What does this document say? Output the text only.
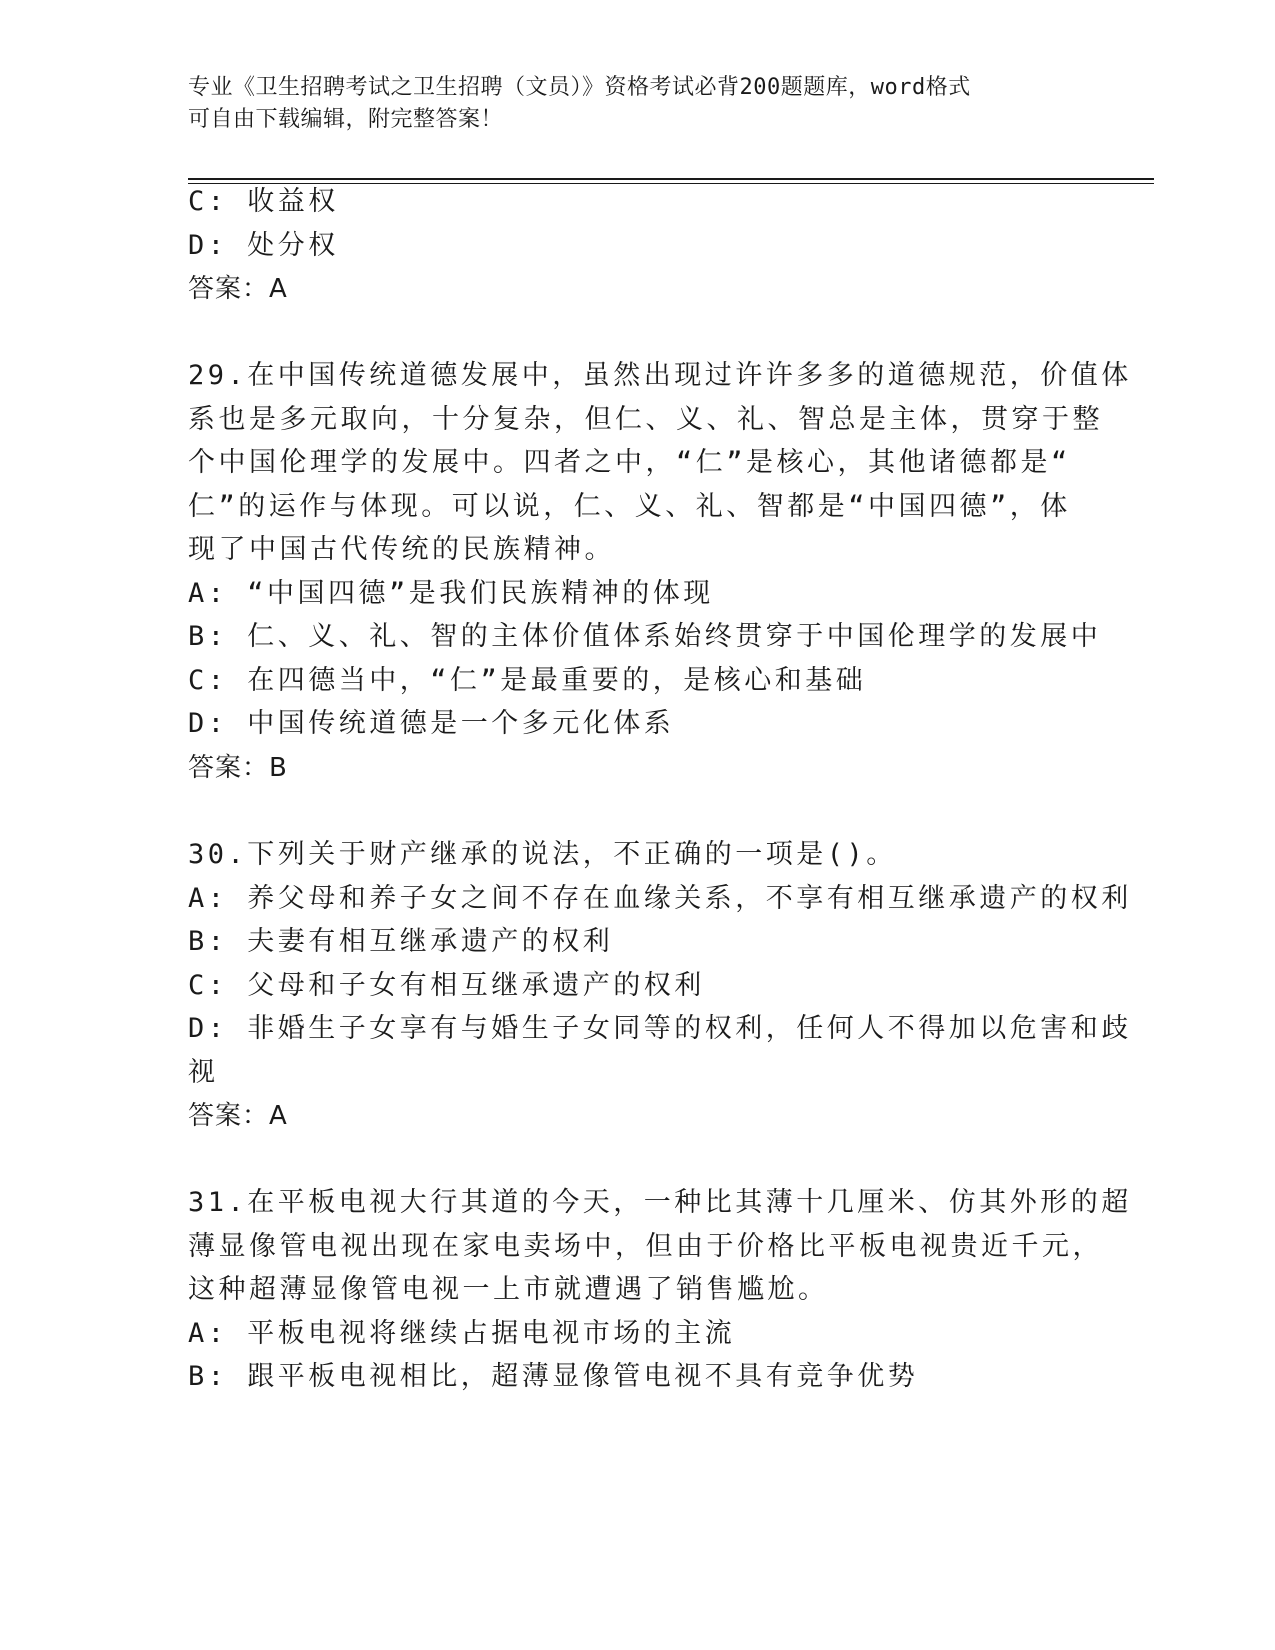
专业《卫生招聘考试之卫生招聘（文员）》资格考试必背200题题库，word格式
可自由下载编辑，附完整答案！
C: 收益权
D: 处分权
答案：A
29.在中国传统道德发展中，虽然出现过许许多多的道德规范，价值体
系也是多元取向，十分复杂，但仁、义、礼、智总是主体，贯穿于整
个中国伦理学的发展中。四者之中，“仁”是核心，其他诸德都是“
仁”的运作与体现。可以说，仁、义、礼、智都是“中国四德”，体
现了中国古代传统的民族精神。
A: “中国四德”是我们民族精神的体现
B: 仁、义、礼、智的主体价值体系始终贯穿于中国伦理学的发展中
C: 在四德当中，“仁”是最重要的，是核心和基础
D: 中国传统道德是一个多元化体系
答案：B
30.下列关于财产继承的说法，不正确的一项是()。
A: 养父母和养子女之间不存在血缘关系，不享有相互继承遗产的权利
B: 夫妻有相互继承遗产的权利
C: 父母和子女有相互继承遗产的权利
D: 非婚生子女享有与婚生子女同等的权利，任何人不得加以危害和歧
视
答案：A
31.在平板电视大行其道的今天，一种比其薄十几厘米、仿其外形的超
薄显像管电视出现在家电卖场中，但由于价格比平板电视贵近千元，
这种超薄显像管电视一上市就遭遇了销售尴尬。
A: 平板电视将继续占据电视市场的主流
B: 跟平板电视相比，超薄显像管电视不具有竞争优势
